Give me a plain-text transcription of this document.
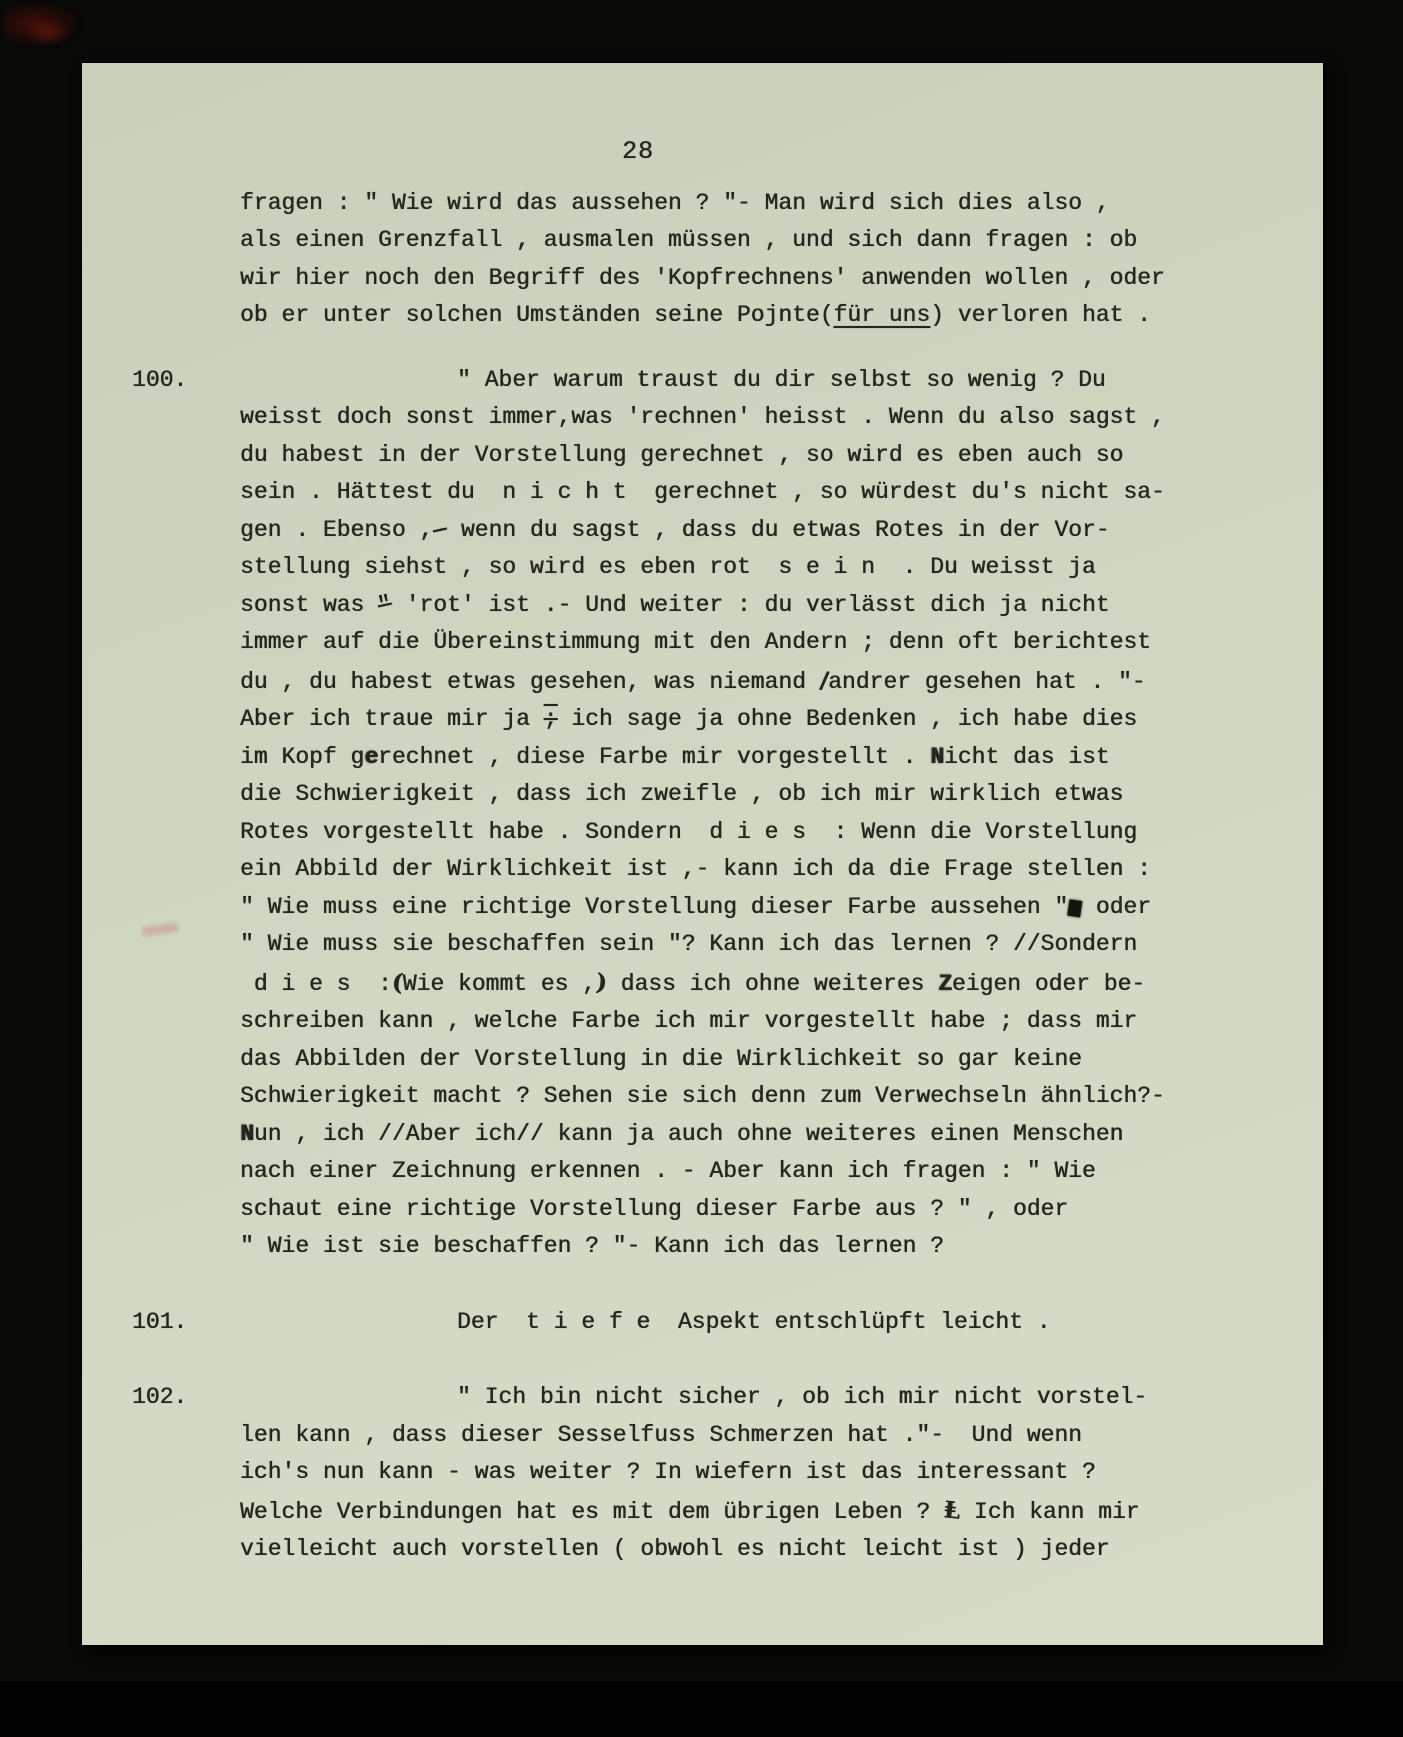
28
fragen : " Wie wird das aussehen ? "- Man wird sich dies also ,
als einen Grenzfall , ausmalen müssen , und sich dann fragen : ob
wir hier noch den Begriff des 'Kopfrechnens' anwenden wollen , oder
ob er unter solchen Umständen seine Pojnte(für uns) verloren hat .
100.	" Aber warum traust du dir selbst so wenig ? Du
weisst doch sonst immer,was 'rechnen' heisst . Wenn du also sagst ,
du habest in der Vorstellung gerechnet , so wird es eben auch so
sein . Hättest du  n i c h t  gerechnet , so würdest du's nicht sa-
gen . Ebenso ,- wenn du sagst , dass du etwas Rotes in der Vor-
stellung siehst , so wird es eben rot  s e i n  . Du weisst ja
sonst was " 'rot' ist .- Und weiter : du verlässt dich ja nicht
immer auf die Übereinstimmung mit den Andern ; denn oft berichtest
du , du habest etwas gesehen, was niemand ∕andrer gesehen hat . "-
Aber ich traue mir ja ; ich sage ja ohne Bedenken , ich habe dies
im Kopf gerechnet , diese Farbe mir vorgestellt . Nicht das ist
die Schwierigkeit , dass ich zweifle , ob ich mir wirklich etwas
Rotes vorgestellt habe . Sondern  d i e s  : Wenn die Vorstellung
ein Abbild der Wirklichkeit ist ,- kann ich da die Frage stellen :
" Wie muss eine richtige Vorstellung dieser Farbe aussehen "▆ oder
" Wie muss sie beschaffen sein "? Kann ich das lernen ? //Sondern
d i e s  :(Wie kommt es ,) dass ich ohne weiteres Zeigen oder be-
schreiben kann , welche Farbe ich mir vorgestellt habe ; dass mir
das Abbilden der Vorstellung in die Wirklichkeit so gar keine
Schwierigkeit macht ? Sehen sie sich denn zum Verwechseln ähnlich?-
Nun , ich //Aber ich// kann ja auch ohne weiteres einen Menschen
nach einer Zeichnung erkennen . - Aber kann ich fragen : " Wie
schaut eine richtige Vorstellung dieser Farbe aus ? " , oder
" Wie ist sie beschaffen ? "- Kann ich das lernen ?
101.	Der  t i e f e  Aspekt entschlüpft leicht .
102.	" Ich bin nicht sicher , ob ich mir nicht vorstel-
len kann , dass dieser Sesselfuss Schmerzen hat ."-  Und wenn
ich's nun kann - was weiter ? In wiefern ist das interessant ?
Welche Verbindungen hat es mit dem übrigen Leben ? Ⱡ Ich kann mir
vielleicht auch vorstellen ( obwohl es nicht leicht ist ) jeder
